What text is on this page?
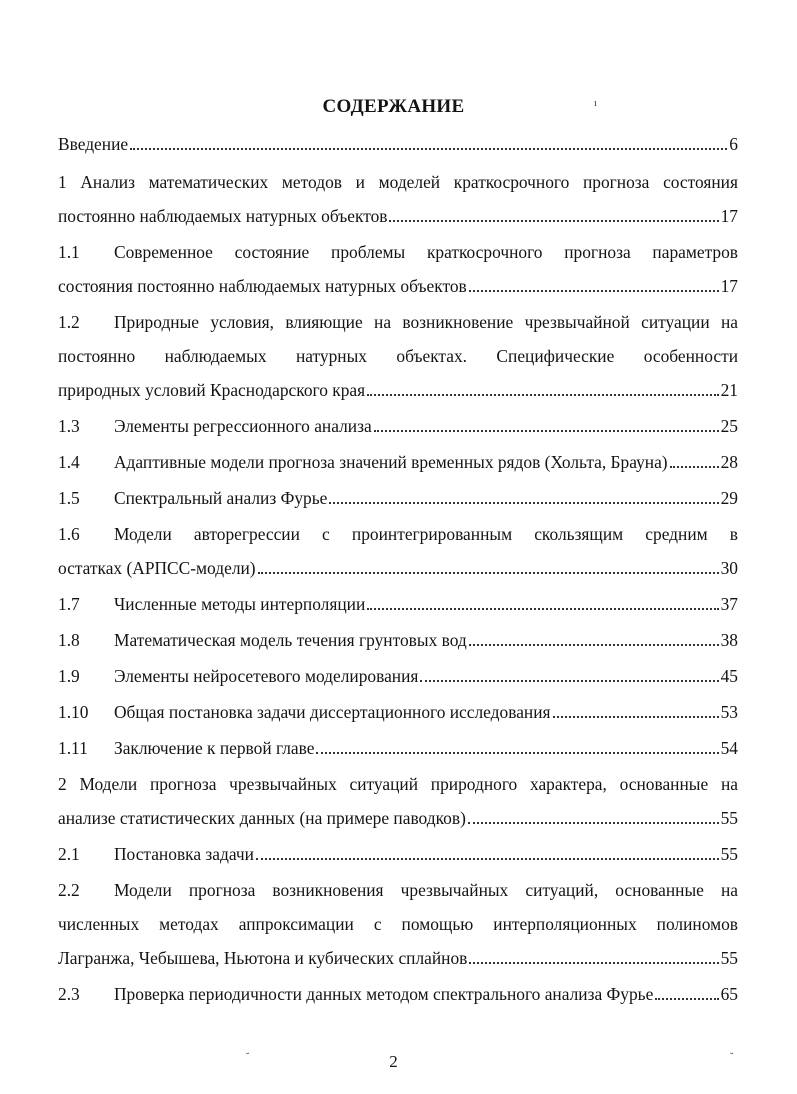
СОДЕРЖАНИЕ
Введение	6
1 Анализ математических методов и моделей краткосрочного прогноза состояния
постоянно наблюдаемых натурных объектов	17
1.1 Современное состояние проблемы краткосрочного прогноза параметров
состояния постоянно наблюдаемых натурных объектов	17
1.2 Природные условия, влияющие на возникновение чрезвычайной ситуации на
постоянно наблюдаемых натурных объектах. Специфические особенности
природных условий Краснодарского края	21
1.3	Элементы регрессионного анализа	25
1.4	Адаптивные модели прогноза значений временных рядов (Хольта, Брауна)	28
1.5	Спектральный анализ Фурье	29
1.6 Модели авторегрессии с проинтегрированным скользящим средним в
остатках (АРПСС-модели)	30
1.7	Численные методы интерполяции	37
1.8	Математическая модель течения грунтовых вод	38
1.9	Элементы нейросетевого моделирования	45
1.10	Общая постановка задачи диссертационного исследования	53
1.11	Заключение к первой главе	54
2 Модели прогноза чрезвычайных ситуаций природного характера, основанные на
анализе статистических данных (на примере паводков)	55
2.1	Постановка задачи	55
2.2 Модели прогноза возникновения чрезвычайных ситуаций, основанные на
численных методах аппроксимации с помощью интерполяционных полиномов
Лагранжа, Чебышева, Ньютона и кубических сплайнов	55
2.3	Проверка периодичности данных методом спектрального анализа Фурье	65
2
ı
˘	˘
